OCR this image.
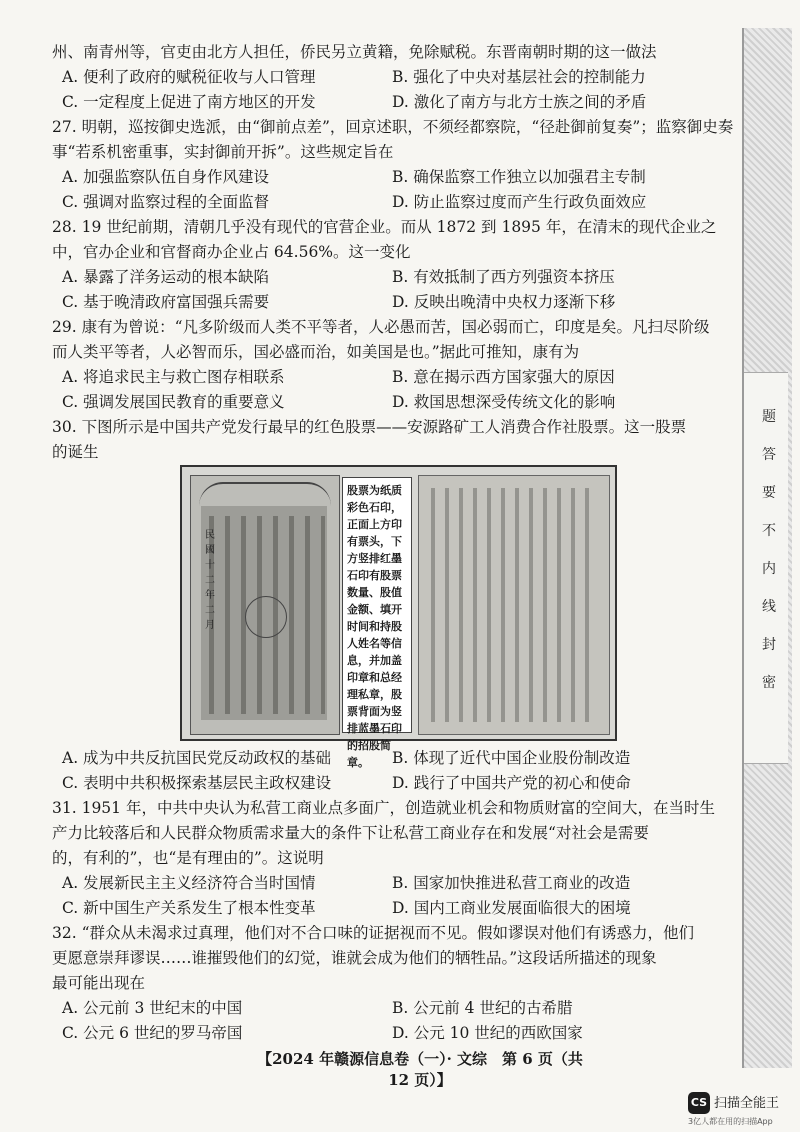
题
答
要
不
内
线
封
密
州、南青州等，官吏由北方人担任，侨民另立黄籍，免除赋税。东晋南朝时期的这一做法
A. 便利了政府的赋税征收与人口管理	B. 强化了中央对基层社会的控制能力
C. 一定程度上促进了南方地区的开发	D. 激化了南方与北方士族之间的矛盾
27. 明朝，巡按御史选派，由“御前点差”，回京述职，不须经都察院，“径赴御前复奏”；监察御史奏
事“若系机密重事，实封御前开拆”。这些规定旨在
A. 加强监察队伍自身作风建设	B. 确保监察工作独立以加强君主专制
C. 强调对监察过程的全面监督	D. 防止监察过度而产生行政负面效应
28. 19 世纪前期，清朝几乎没有现代的官营企业。而从 1872 到 1895 年，在清末的现代企业之
中，官办企业和官督商办企业占 64.56%。这一变化
A. 暴露了洋务运动的根本缺陷	B. 有效抵制了西方列强资本挤压
C. 基于晚清政府富国强兵需要	D. 反映出晚清中央权力逐渐下移
29. 康有为曾说：“凡多阶级而人类不平等者，人必愚而苦，国必弱而亡，印度是矣。凡扫尽阶级
而人类平等者，人必智而乐，国必盛而治，如美国是也。”据此可推知，康有为
A. 将追求民主与救亡图存相联系	B. 意在揭示西方国家强大的原因
C. 强调发展国民教育的重要意义	D. 救国思想深受传统文化的影响
30. 下图所示是中国共产党发行最早的红色股票——安源路矿工人消费合作社股票。这一股票
的诞生
民國十二年二月
股票为纸质彩色石印，正面上方印有票头，下方竖排红墨石印有股票数量、股值金额、填开时间和持股人姓名等信息，并加盖印章和总经理私章，股票背面为竖排蓝墨石印的招股简章。
A. 成为中共反抗国民党反动政权的基础	B. 体现了近代中国企业股份制改造
C. 表明中共积极探索基层民主政权建设	D. 践行了中国共产党的初心和使命
31. 1951 年，中共中央认为私营工商业点多面广，创造就业机会和物质财富的空间大，在当时生
产力比较落后和人民群众物质需求量大的条件下让私营工商业存在和发展“对社会是需要
的，有利的”，也“是有理由的”。这说明
A. 发展新民主主义经济符合当时国情	B. 国家加快推进私营工商业的改造
C. 新中国生产关系发生了根本性变革	D. 国内工商业发展面临很大的困境
32. “群众从未渴求过真理，他们对不合口味的证据视而不见。假如谬误对他们有诱惑力，他们
更愿意崇拜谬误……谁摧毁他们的幻觉，谁就会成为他们的牺牲品。”这段话所描述的现象
最可能出现在
A. 公元前 3 世纪末的中国	B. 公元前 4 世纪的古希腊
C. 公元 6 世纪的罗马帝国	D. 公元 10 世纪的西欧国家
【2024 年赣源信息卷（一）· 文综　第 6 页（共 12 页）】
CS 扫描全能王
3亿人都在用的扫描App
